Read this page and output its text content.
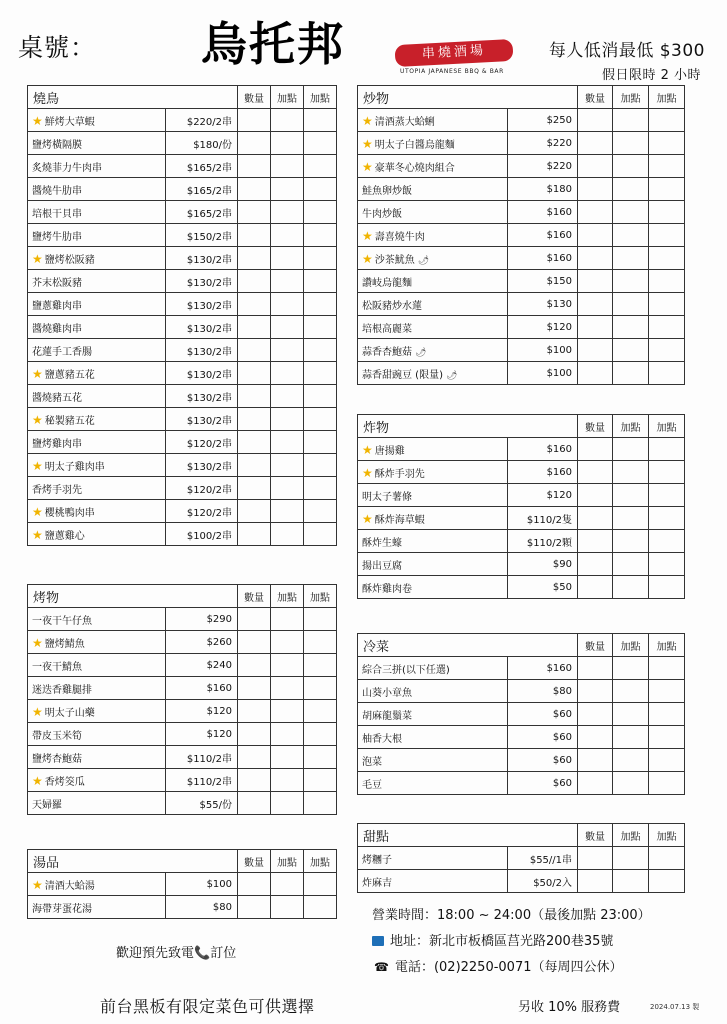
桌號： 烏托邦	串燒酒場
UTOPIA JAPANESE BBQ & BAR
每人低消最低 $300
假日限時 2 小時
燒鳥		數量	加點	加點
★ 鮮烤大草蝦	$220/2串			
鹽烤橫隔膜	$180/份			
炙燒菲力牛肉串	$165/2串			
醬燒牛肋串	$165/2串			
培根干貝串	$165/2串			
鹽烤牛肋串	$150/2串			
★ 鹽烤松阪豬	$130/2串			
芥末松阪豬	$130/2串			
鹽蔥雞肉串	$130/2串			
醬燒雞肉串	$130/2串			
花蓮手工香腸	$130/2串			
★ 鹽蔥豬五花	$130/2串			
醬燒豬五花	$130/2串			
★ 秘製豬五花	$130/2串			
鹽烤雞肉串	$120/2串			
★ 明太子雞肉串	$130/2串			
香烤手羽先	$120/2串			
★ 櫻桃鴨肉串	$120/2串			
★ 鹽蔥雞心	$100/2串			
烤物		數量	加點	加點
一夜干午仔魚	$290			
★ 鹽烤鯖魚	$260			
一夜干鯖魚	$240			
迷迭香雞腿排	$160			
★ 明太子山藥	$120			
帶皮玉米筍	$120			
鹽烤杏鮑菇	$110/2串			
★ 香烤筊瓜	$110/2串			
天婦羅	$55/份			
湯品		數量	加點	加點
★ 清酒大蛤湯	$100			
海帶芽蛋花湯	$80			
炒物		數量	加點	加點
★ 清酒蒸大蛤蜊	$250			
★ 明太子白醬烏龍麵	$220			
★ 豪華冬心燒肉組合	$220			
鮭魚卵炒飯	$180			
牛肉炒飯	$160			
★ 壽喜燒牛肉	$160			
★ 沙茶魷魚 🌶	$160			
讚岐烏龍麵	$150			
松阪豬炒水蓮	$130			
培根高麗菜	$120			
蒜香杏鮑菇 🌶	$100			
蒜香甜豌豆 (限量) 🌶	$100			
炸物		數量	加點	加點
★ 唐揚雞	$160			
★ 酥炸手羽先	$160			
明太子薯條	$120			
★ 酥炸海草蝦	$110/2隻			
酥炸生蠔	$110/2顆			
揚出豆腐	$90			
酥炸雞肉卷	$50			
冷菜		數量	加點	加點
綜合三拼(以下任選)	$160			
山葵小章魚	$80			
胡麻龍鬚菜	$60			
柚香大根	$60			
泡菜	$60			
毛豆	$60			
甜點		數量	加點	加點
烤糰子	$55//1串			
炸麻吉	$50/2入			
營業時間：18:00 ~ 24:00（最後加點 23:00）
地址：新北市板橋區莒光路200巷35號
☎ 電話：(02)2250-0071（每周四公休）
歡迎預先致電📞訂位
前台黑板有限定菜色可供選擇	另收 10% 服務費	2024.07.13 製
